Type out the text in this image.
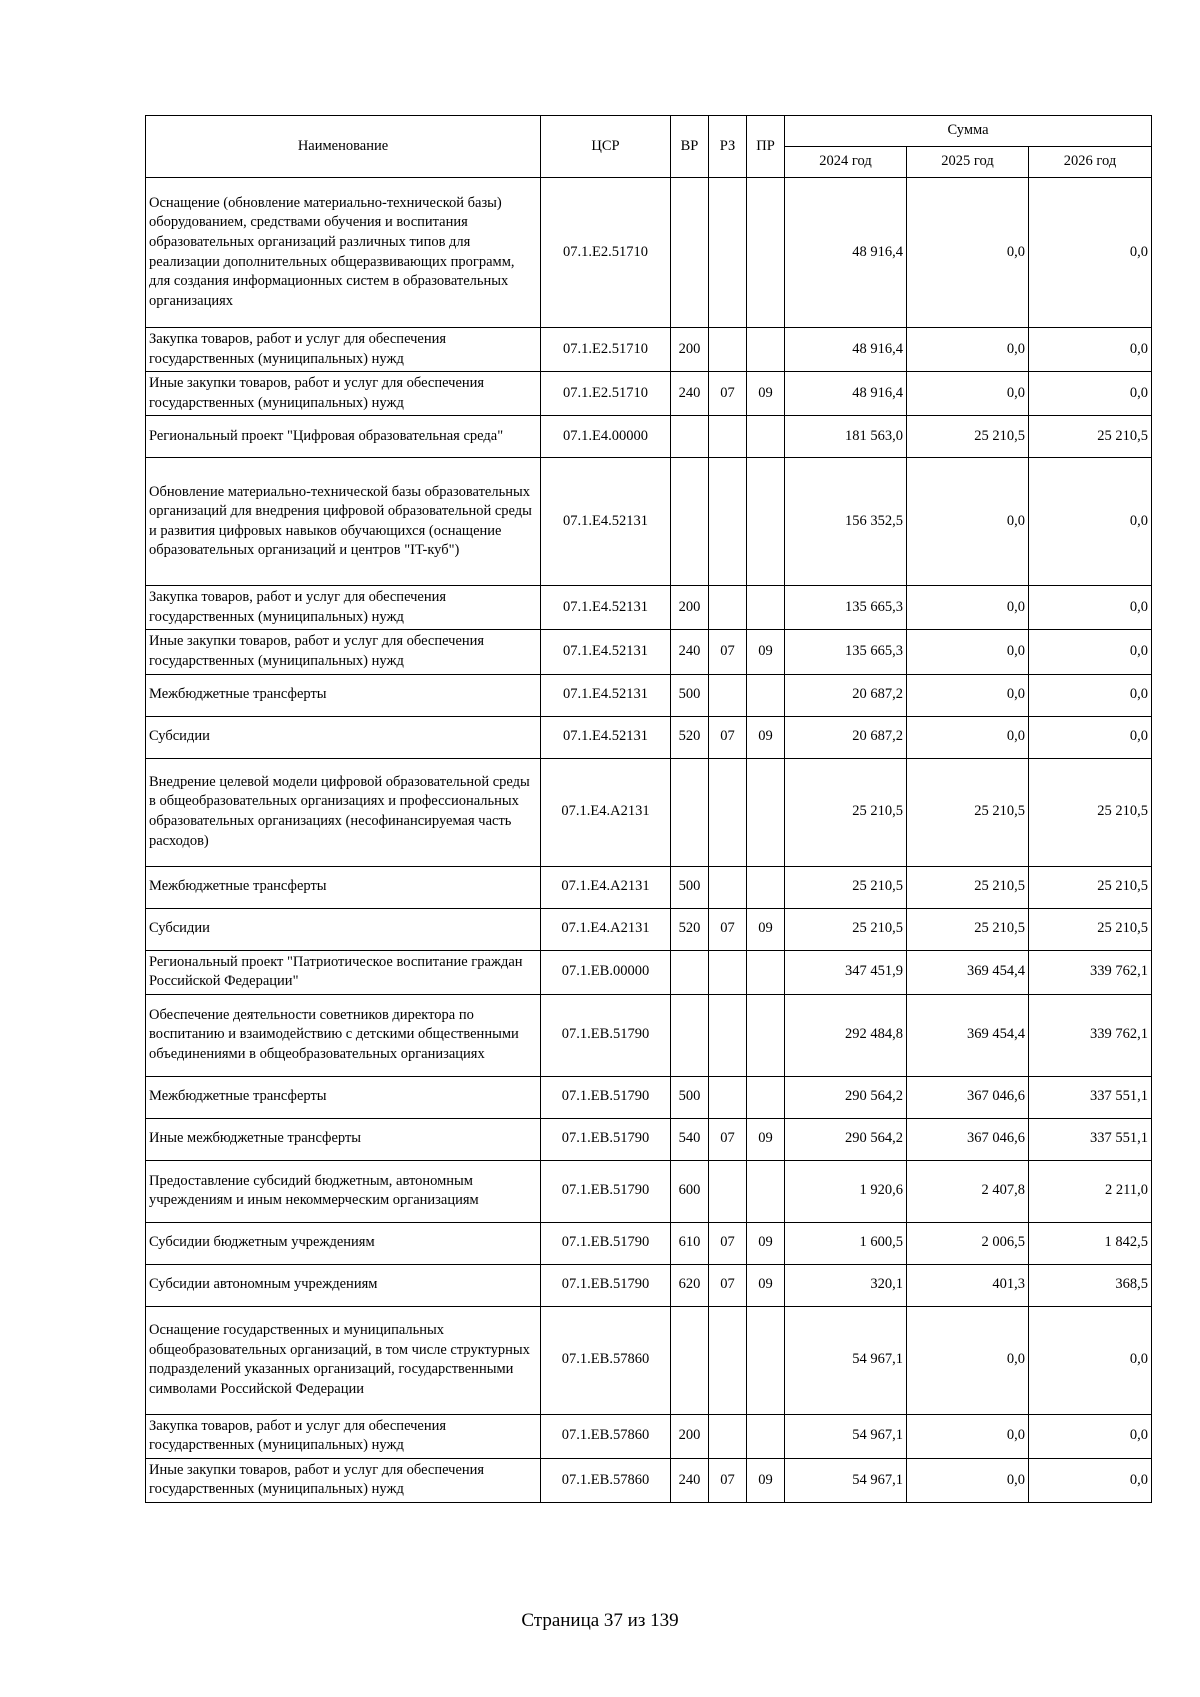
Наименование	ЦСР	ВР	РЗ	ПР	Сумма		
					2024 год	2025 год	2026 год
Оснащение (обновление материально-технической базы) оборудованием, средствами обучения и воспитания образовательных организаций различных типов для реализации дополнительных общеразвивающих программ, для создания информационных систем в образовательных организациях	07.1.E2.51710				48 916,4	0,0	0,0
Закупка товаров, работ и услуг для обеспечения государственных (муниципальных) нужд	07.1.E2.51710	200			48 916,4	0,0	0,0
Иные закупки товаров, работ и услуг для обеспечения государственных (муниципальных) нужд	07.1.E2.51710	240	07	09	48 916,4	0,0	0,0
Региональный проект "Цифровая образовательная среда"	07.1.E4.00000				181 563,0	25 210,5	25 210,5
Обновление материально-технической базы образовательных организаций для внедрения цифровой образовательной среды и развития цифровых навыков обучающихся (оснащение образовательных организаций и центров "IT-куб")	07.1.E4.52131				156 352,5	0,0	0,0
Закупка товаров, работ и услуг для обеспечения государственных (муниципальных) нужд	07.1.E4.52131	200			135 665,3	0,0	0,0
Иные закупки товаров, работ и услуг для обеспечения государственных (муниципальных) нужд	07.1.E4.52131	240	07	09	135 665,3	0,0	0,0
Межбюджетные трансферты	07.1.E4.52131	500			20 687,2	0,0	0,0
Субсидии	07.1.E4.52131	520	07	09	20 687,2	0,0	0,0
Внедрение целевой модели цифровой образовательной среды в общеобразовательных организациях и профессиональных образовательных организациях (несофинансируемая часть расходов)	07.1.E4.A2131				25 210,5	25 210,5	25 210,5
Межбюджетные трансферты	07.1.E4.A2131	500			25 210,5	25 210,5	25 210,5
Субсидии	07.1.E4.A2131	520	07	09	25 210,5	25 210,5	25 210,5
Региональный проект "Патриотическое воспитание граждан Российской Федерации"	07.1.EB.00000				347 451,9	369 454,4	339 762,1
Обеспечение деятельности советников директора по воспитанию и взаимодействию с детскими общественными объединениями в общеобразовательных организациях	07.1.EB.51790				292 484,8	369 454,4	339 762,1
Межбюджетные трансферты	07.1.EB.51790	500			290 564,2	367 046,6	337 551,1
Иные межбюджетные трансферты	07.1.EB.51790	540	07	09	290 564,2	367 046,6	337 551,1
Предоставление субсидий бюджетным, автономным учреждениям и иным некоммерческим организациям	07.1.EB.51790	600			1 920,6	2 407,8	2 211,0
Субсидии бюджетным учреждениям	07.1.EB.51790	610	07	09	1 600,5	2 006,5	1 842,5
Субсидии автономным учреждениям	07.1.EB.51790	620	07	09	320,1	401,3	368,5
Оснащение государственных и муниципальных общеобразовательных организаций, в том числе структурных подразделений указанных организаций, государственными символами Российской Федерации	07.1.EB.57860				54 967,1	0,0	0,0
Закупка товаров, работ и услуг для обеспечения государственных (муниципальных) нужд	07.1.EB.57860	200			54 967,1	0,0	0,0
Иные закупки товаров, работ и услуг для обеспечения государственных (муниципальных) нужд	07.1.EB.57860	240	07	09	54 967,1	0,0	0,0
Страница 37 из 139
